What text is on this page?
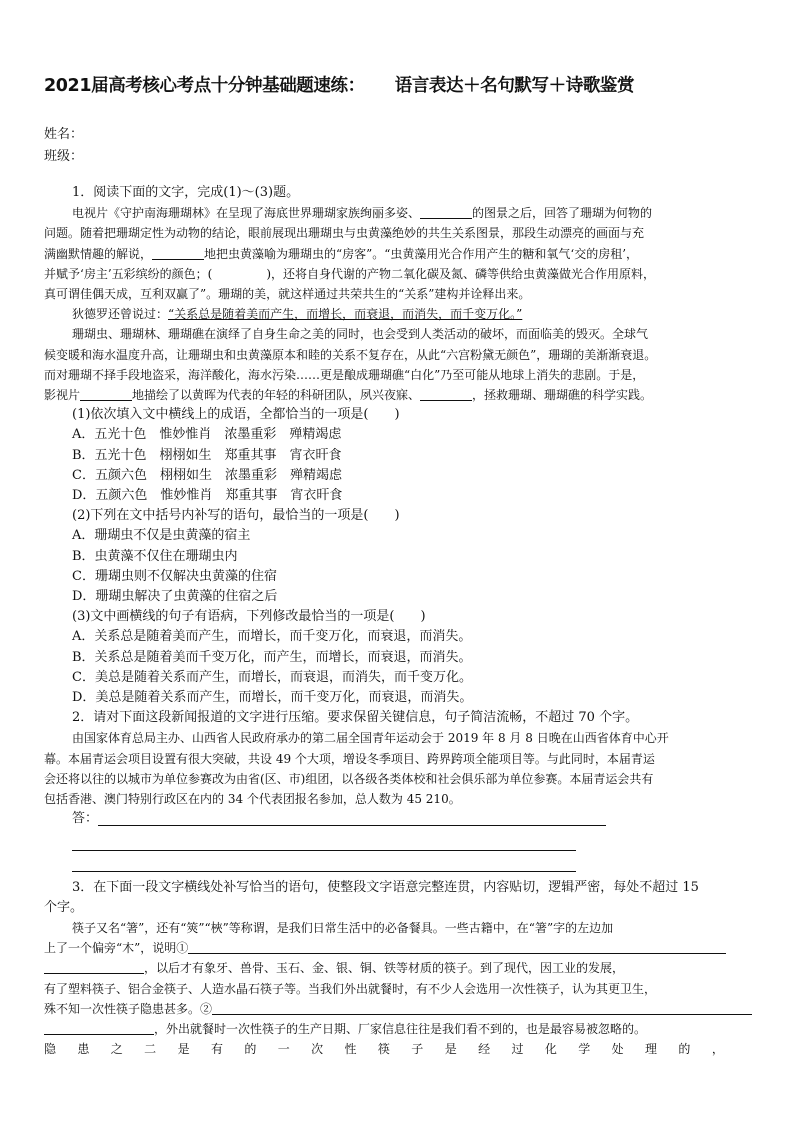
2021届高考核心考点十分钟基础题速练： 语言表达＋名句默写＋诗歌鉴赏
姓名：
班级：

1．阅读下面的文字，完成(1)～(3)题。

电视片《守护南海珊瑚林》在呈现了海底世界珊瑚家族绚丽多姿、	的图景之后，回答了珊瑚为何物的

问题。随着把珊瑚定性为动物的结论，眼前展现出珊瑚虫与虫黄藻绝妙的共生关系图景，那段生动漂亮的画面与充

满幽默情趣的解说，	地把虫黄藻喻为珊瑚虫的“房客”。“虫黄藻用光合作用产生的糖和氧气‘交的房租’，

并赋予‘房主’五彩缤纷的颜色；(	)，还将自身代谢的产物二氧化碳及氮、磷等供给虫黄藻做光合作用原料，

真可谓佳偶天成，互利双赢了”。珊瑚的美，就这样通过共荣共生的“关系”建构并诠释出来。

狄德罗还曾说过：“关系总是随着美而产生，而增长，而衰退，而消失，而千变万化。”

珊瑚虫、珊瑚林、珊瑚礁在演绎了自身生命之美的同时，也会受到人类活动的破坏，而面临美的毁灭。全球气

候变暖和海水温度升高，让珊瑚虫和虫黄藻原本和睦的关系不复存在，从此“六宫粉黛无颜色”，珊瑚的美渐渐衰退。

而对珊瑚不择手段地盗采，海洋酸化，海水污染……更是酿成珊瑚礁“白化”乃至可能从地球上消失的悲剧。于是，

影视片	地描绘了以黄晖为代表的年轻的科研团队，夙兴夜寐、	，拯救珊瑚、珊瑚礁的科学实践。

(1)依次填入文中横线上的成语，全都恰当的一项是(　　)

A．五光十色　惟妙惟肖　浓墨重彩　殚精竭虑

B．五光十色　栩栩如生　郑重其事　宵衣旰食

C．五颜六色　栩栩如生　浓墨重彩　殚精竭虑

D．五颜六色　惟妙惟肖　郑重其事　宵衣旰食

(2)下列在文中括号内补写的语句，最恰当的一项是(　　)

A．珊瑚虫不仅是虫黄藻的宿主

B．虫黄藻不仅住在珊瑚虫内

C．珊瑚虫则不仅解决虫黄藻的住宿

D．珊瑚虫解决了虫黄藻的住宿之后

(3)文中画横线的句子有语病，下列修改最恰当的一项是(　　)

A．关系总是随着美而产生，而增长，而千变万化，而衰退，而消失。

B．关系总是随着美而千变万化，而产生，而增长，而衰退，而消失。

C．美总是随着关系而产生，而增长，而衰退，而消失，而千变万化。

D．美总是随着关系而产生，而增长，而千变万化，而衰退，而消失。

2．请对下面这段新闻报道的文字进行压缩。要求保留关键信息，句子简洁流畅，不超过 70 个字。

由国家体育总局主办、山西省人民政府承办的第二届全国青年运动会于 2019 年 8 月 8 日晚在山西省体育中心开

幕。本届青运会项目设置有很大突破，共设 49 个大项，增设冬季项目、跨界跨项全能项目等。与此同时，本届青运

会还将以往的以城市为单位参赛改为由省(区、市)组团，以各级各类体校和社会俱乐部为单位参赛。本届青运会共有

包括香港、澳门特别行政区在内的 34 个代表团报名参加，总人数为 45 210。

答：

3．在下面一段文字横线处补写恰当的语句，使整段文字语意完整连贯，内容贴切，逻辑严密，每处不超过 15

个字。

筷子又名“箸”，还有“筴”“梜”等称谓，是我们日常生活中的必备餐具。一些古籍中，在“箸”字的左边加

上了一个偏旁“木”，说明①

，以后才有象牙、兽骨、玉石、金、银、铜、铁等材质的筷子。到了现代，因工业的发展，

有了塑料筷子、铝合金筷子、人造水晶石筷子等。当我们外出就餐时，有不少人会选用一次性筷子，认为其更卫生，

殊不知一次性筷子隐患甚多。②

，外出就餐时一次性筷子的生产日期、厂家信息往往是我们看不到的，也是最容易被忽略的。

隐 患 之 二 是 有 的 一 次 性 筷 子 是 经 过 化 学 处 理 的 ，
